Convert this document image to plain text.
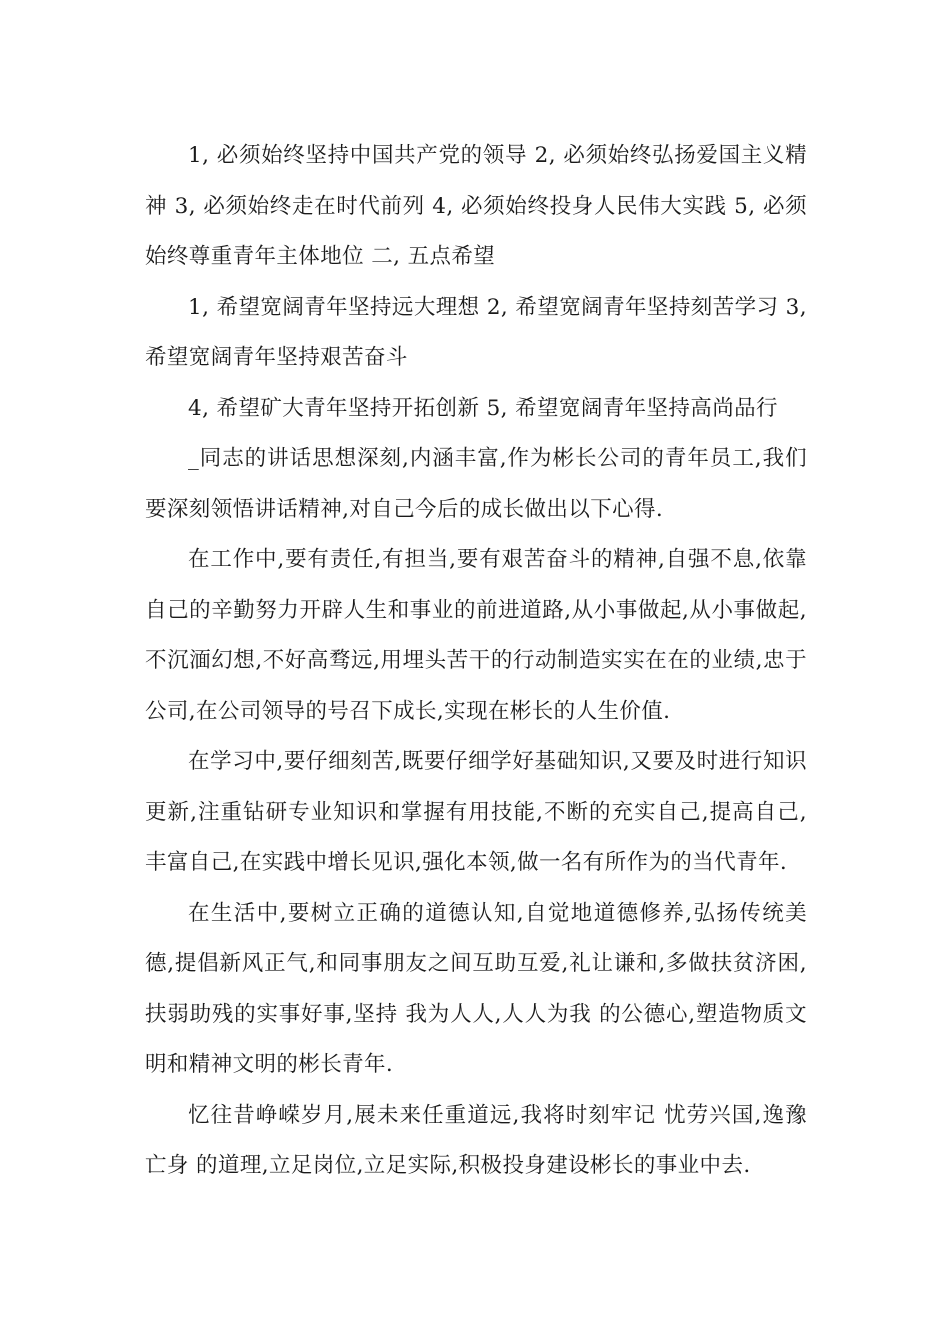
1, 必须始终坚持中国共产党的领导 2, 必须始终弘扬爱国主义精神 3, 必须始终走在时代前列 4, 必须始终投身人民伟大实践 5, 必须始终尊重青年主体地位 二, 五点希望

1, 希望宽阔青年坚持远大理想 2, 希望宽阔青年坚持刻苦学习 3, 希望宽阔青年坚持艰苦奋斗

4, 希望矿大青年坚持开拓创新 5, 希望宽阔青年坚持高尚品行

_同志的讲话思想深刻,内涵丰富,作为彬长公司的青年员工,我们要深刻领悟讲话精神,对自己今后的成长做出以下心得.

在工作中,要有责任,有担当,要有艰苦奋斗的精神,自强不息,依靠自己的辛勤努力开辟人生和事业的前进道路,从小事做起,从小事做起,不沉湎幻想,不好高骛远,用埋头苦干的行动制造实实在在的业绩,忠于公司,在公司领导的号召下成长,实现在彬长的人生价值.

在学习中,要仔细刻苦,既要仔细学好基础知识,又要及时进行知识更新,注重钻研专业知识和掌握有用技能,不断的充实自己,提高自己,丰富自己,在实践中增长见识,强化本领,做一名有所作为的当代青年.

在生活中,要树立正确的道德认知,自觉地道德修养,弘扬传统美德,提倡新风正气,和同事朋友之间互助互爱,礼让谦和,多做扶贫济困,扶弱助残的实事好事,坚持 我为人人,人人为我 的公德心,塑造物质文明和精神文明的彬长青年.

忆往昔峥嵘岁月,展未来任重道远,我将时刻牢记 忧劳兴国,逸豫亡身 的道理,立足岗位,立足实际,积极投身建设彬长的事业中去.
